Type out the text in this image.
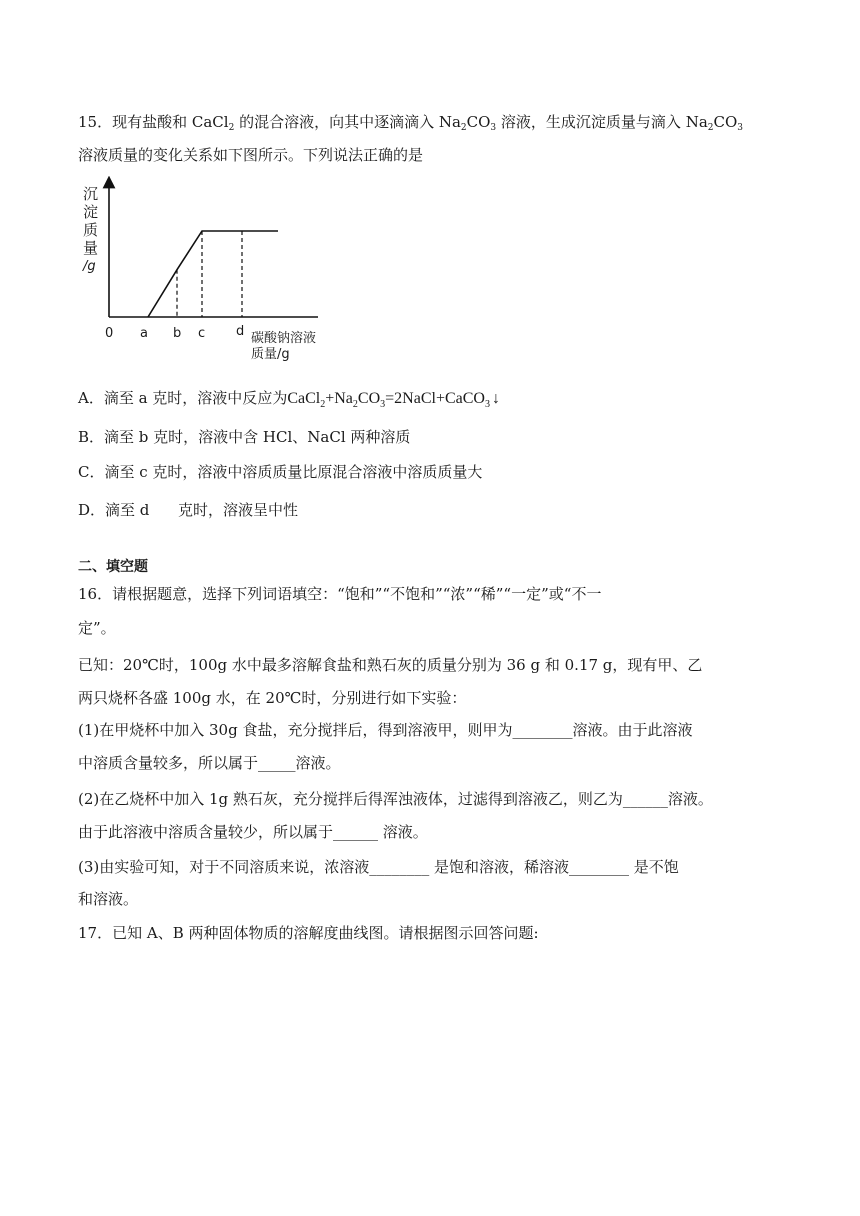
15．现有盐酸和 CaCl$_2$ 的混合溶液，向其中逐滴滴入 $Na_2CO_3$ 溶液，生成沉淀质量与滴入 $Na_2CO_3$
溶液质量的变化关系如下图所示。下列说法正确的是
沉
淀
质
量
/g
0 a b c d 碳酸钠溶液
质量/g
A．滴至 a 克时，溶液中反应为$CaCl_2+Na_2CO_3=2NaCl+CaCO_3$ ↓
B．滴至 b 克时，溶液中含 HCl、NaCl 两种溶质
C．滴至 c 克时，溶液中溶质质量比原混合溶液中溶质质量大
D．滴至 d      克时，溶液呈中性
二、填空题
16．请根据题意，选择下列词语填空：“饱和”“不饱和”“浓”“稀”“一定”或“不一
定”。
已知：20℃时，100g 水中最多溶解食盐和熟石灰的质量分别为 36 g 和 0.17 g，现有甲、乙
两只烧杯各盛 100g 水，在 20℃时，分别进行如下实验：
(1)在甲烧杯中加入 30g 食盐，充分搅拌后，得到溶液甲，则甲为________溶液。由于此溶液
中溶质含量较多，所以属于_____溶液。
(2)在乙烧杯中加入 1g 熟石灰，充分搅拌后得浑浊液体，过滤得到溶液乙，则乙为______溶液。
由于此溶液中溶质含量较少，所以属于______ 溶液。
(3)由实验可知，对于不同溶质来说，浓溶液________ 是饱和溶液，稀溶液________ 是不饱
和溶液。
17．已知 A、B 两种固体物质的溶解度曲线图。请根据图示回答问题:
